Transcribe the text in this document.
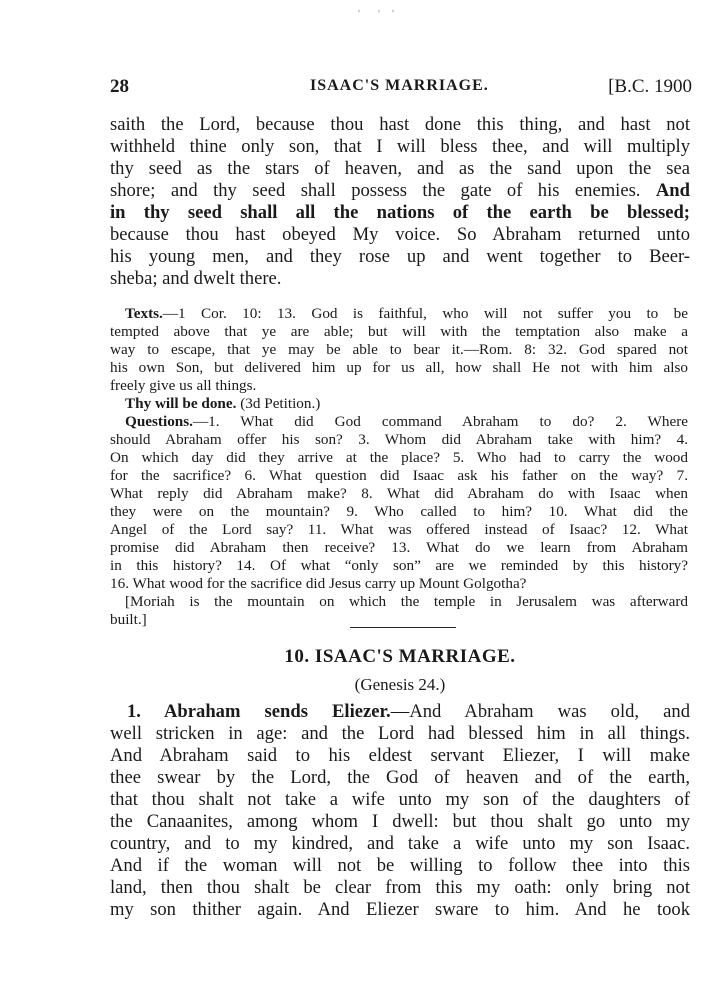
' ' '
28	ISAAC'S MARRIAGE.	[B.C. 1900
saith the Lord, because thou hast done this thing, and hast not
withheld thine only son, that I will bless thee, and will multiply
thy seed as the stars of heaven, and as the sand upon the sea
shore; and thy seed shall possess the gate of his enemies. And
in thy seed shall all the nations of the earth be blessed;
because thou hast obeyed My voice. So Abraham returned unto
his young men, and they rose up and went together to Beer-
sheba; and dwelt there.
Texts.—1 Cor. 10: 13. God is faithful, who will not suffer you to be
tempted above that ye are able; but will with the temptation also make a
way to escape, that ye may be able to bear it.—Rom. 8: 32. God spared not
his own Son, but delivered him up for us all, how shall He not with him also
freely give us all things.
Thy will be done. (3d Petition.)
Questions.—1. What did God command Abraham to do? 2. Where
should Abraham offer his son? 3. Whom did Abraham take with him? 4.
On which day did they arrive at the place? 5. Who had to carry the wood
for the sacrifice? 6. What question did Isaac ask his father on the way? 7.
What reply did Abraham make? 8. What did Abraham do with Isaac when
they were on the mountain? 9. Who called to him? 10. What did the
Angel of the Lord say? 11. What was offered instead of Isaac? 12. What
promise did Abraham then receive? 13. What do we learn from Abraham
in this history? 14. Of what “only son” are we reminded by this history?
16. What wood for the sacrifice did Jesus carry up Mount Golgotha?
[Moriah is the mountain on which the temple in Jerusalem was afterward
built.]
10. ISAAC'S MARRIAGE.
(Genesis 24.)
1. Abraham sends Eliezer.—And Abraham was old, and
well stricken in age: and the Lord had blessed him in all things.
And Abraham said to his eldest servant Eliezer, I will make
thee swear by the Lord, the God of heaven and of the earth,
that thou shalt not take a wife unto my son of the daughters of
the Canaanites, among whom I dwell: but thou shalt go unto my
country, and to my kindred, and take a wife unto my son Isaac.
And if the woman will not be willing to follow thee into this
land, then thou shalt be clear from this my oath: only bring not
my son thither again. And Eliezer sware to him. And he took
